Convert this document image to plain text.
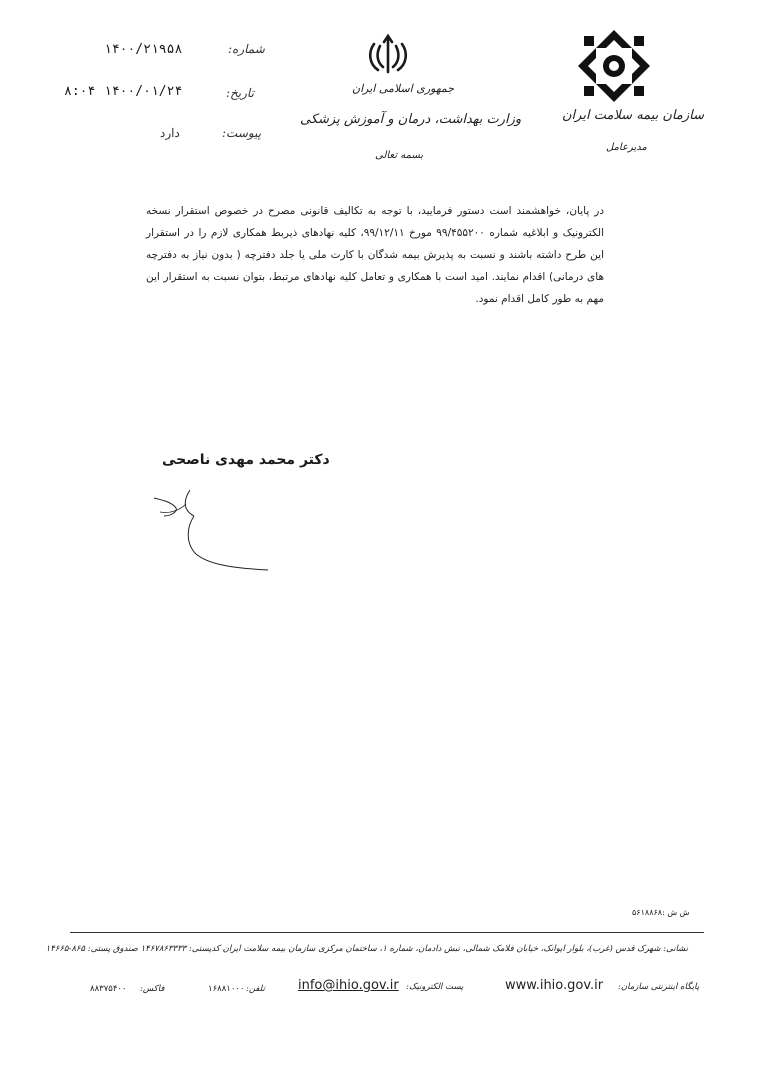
۱۴۰۰/۲۱۹۵۸	شماره:
۸:۰۴ ۱۴۰۰/۰۱/۲۴	تاریخ:
دارد	پیوست:
جمهوری اسلامی ایران
وزارت بهداشت، درمان و آموزش پزشکی
بسمه تعالی
سازمان بیمه سلامت ایران
مدیرعامل
در پایان، خواهشمند است دستور فرمایید، با توجه به تکالیف قانونی مصرح در خصوص استقرار نسخه الکترونیک و ابلاغیه شماره ۹۹/۴۵۵۲۰۰ مورخ ۹۹/۱۲/۱۱، کلیه نهادهای ذیربط همکاری لازم را در استقرار این طرح داشته باشند و نسبت به پذیرش بیمه شدگان با کارت ملی یا جلد دفترچه ( بدون نیاز به دفترچه های درمانی) اقدام نمایند. امید است با همکاری و تعامل کلیه نهادهای مرتبط، بتوان نسبت به استقرار این مهم به طور کامل اقدام نمود.
دکتر محمد مهدی ناصحی
ش ش :۵۶۱۸۸۶۸
نشانی: شهرک قدس (غرب)، بلوار ایوانک، خیابان فلامک شمالی، نبش دادمان، شماره ۱، ساختمان مرکزی سازمان بیمه سلامت ایران کدپستی: ۱۴۶۷۸۶۳۳۳۳ صندوق پستی: ۸۶۵-۱۴۶۶۵
پایگاه اینترنتی سازمان:
www.ihio.gov.ir
پست الکترونیک:
info@ihio.gov.ir
تلفن:
۱۶۸۸۱۰۰۰
فاکس:
۸۸۳۷۵۴۰۰
